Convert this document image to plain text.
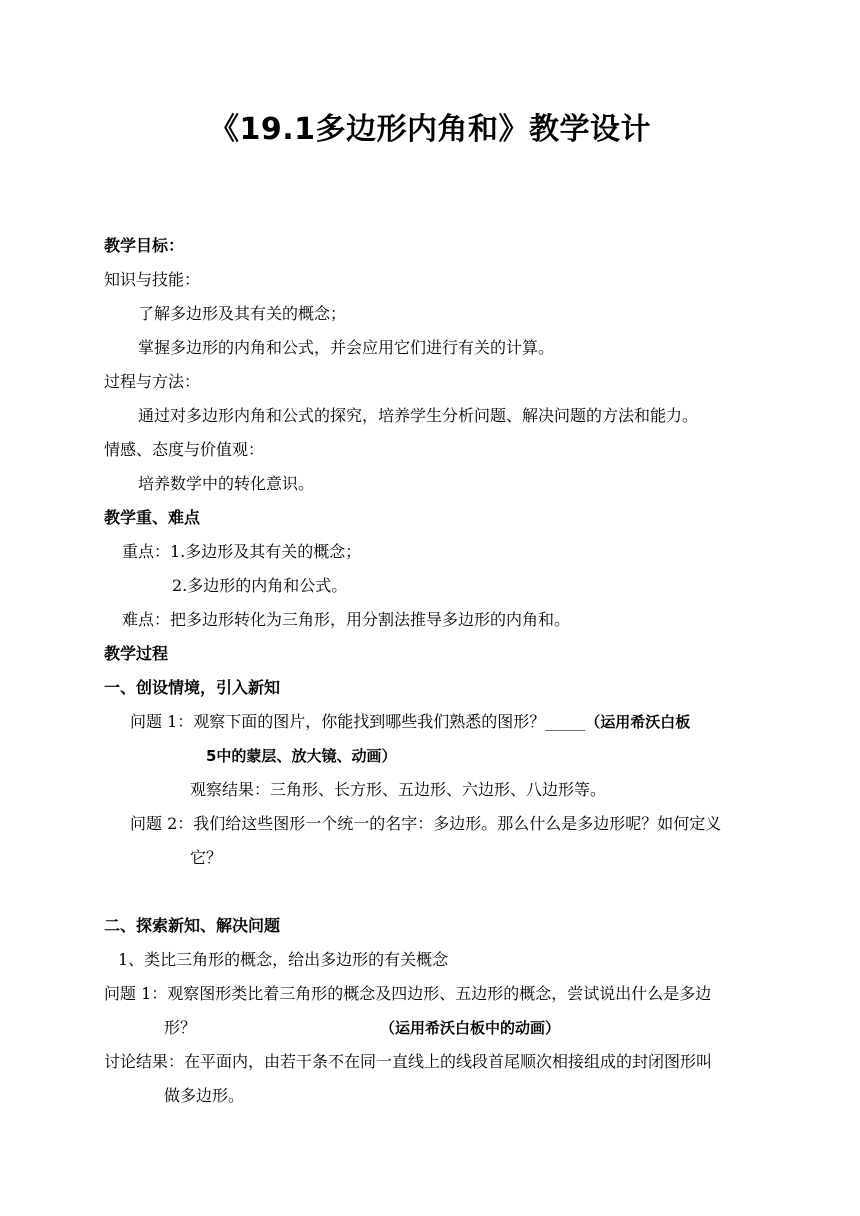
《19.1多边形内角和》教学设计
教学目标：
知识与技能：
了解多边形及其有关的概念；
掌握多边形的内角和公式，并会应用它们进行有关的计算。
过程与方法：
通过对多边形内角和公式的探究，培养学生分析问题、解决问题的方法和能力。
情感、态度与价值观：
培养数学中的转化意识。
教学重、难点
重点：1.多边形及其有关的概念；
2.多边形的内角和公式。
难点：把多边形转化为三角形，用分割法推导多边形的内角和。
教学过程
一、创设情境，引入新知
问题 1：观察下面的图片，你能找到哪些我们熟悉的图形？_____（运用希沃白板
5中的蒙层、放大镜、动画）
观察结果：三角形、长方形、五边形、六边形、八边形等。
问题 2：我们给这些图形一个统一的名字：多边形。那么什么是多边形呢？如何定义
它？
二、探索新知、解决问题
1、类比三角形的概念，给出多边形的有关概念
问题 1：观察图形类比着三角形的概念及四边形、五边形的概念，尝试说出什么是多边
形？	（运用希沃白板中的动画）
讨论结果：在平面内，由若干条不在同一直线上的线段首尾顺次相接组成的封闭图形叫
做多边形。
